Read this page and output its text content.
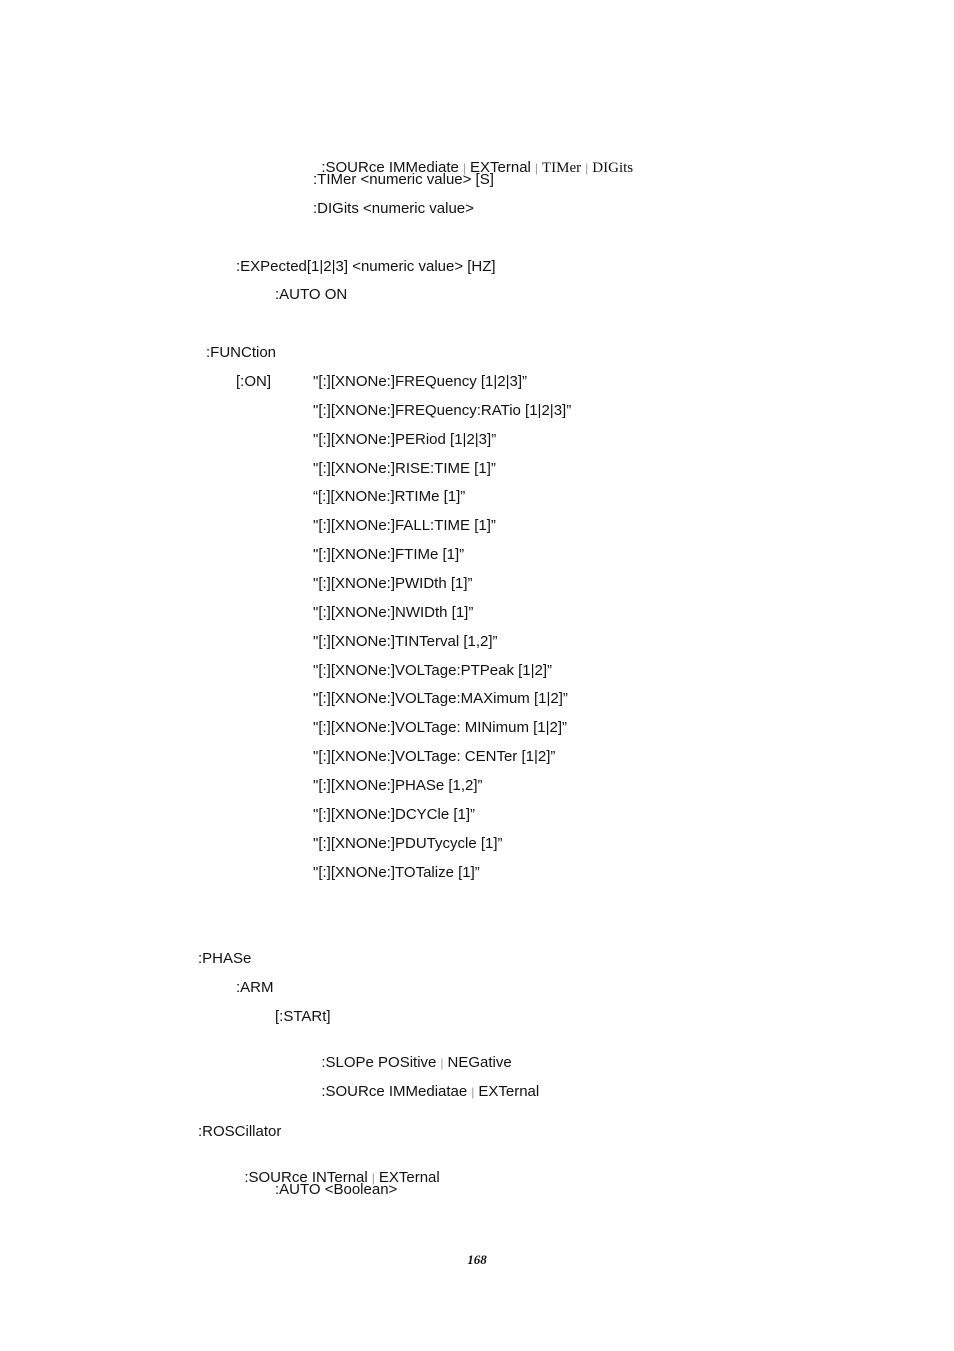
:SOURce IMMediate | EXTernal | TIMer | DIGits

:TIMer <numeric value> [S]
:DIGits <numeric value>
:EXPected[1|2|3] <numeric value> [HZ]
:AUTO ON
:FUNCtion
[:ON]	"[:][XNONe:]FREQuency [1|2|3]”
"[:][XNONe:]FREQuency:RATio [1|2|3]”
"[:][XNONe:]PERiod [1|2|3]”
"[:][XNONe:]RISE:TIME [1]”
“[:][XNONe:]RTIMe [1]”
"[:][XNONe:]FALL:TIME [1]”
"[:][XNONe:]FTIMe [1]”
"[:][XNONe:]PWIDth [1]”
"[:][XNONe:]NWIDth [1]”
"[:][XNONe:]TINTerval [1,2]”
"[:][XNONe:]VOLTage:PTPeak [1|2]”
"[:][XNONe:]VOLTage:MAXimum [1|2]”
"[:][XNONe:]VOLTage: MINimum [1|2]”
"[:][XNONe:]VOLTage: CENTer [1|2]”
"[:][XNONe:]PHASe [1,2]”
"[:][XNONe:]DCYCle [1]”
"[:][XNONe:]PDUTycycle [1]”
"[:][XNONe:]TOTalize [1]”
:PHASe
:ARM
[:STARt]

:SLOPe POSitive | NEGative

:SOURce IMMediatae | EXTernal

:ROSCillator

:SOURce INTernal | EXTernal

:AUTO <Boolean>
168
